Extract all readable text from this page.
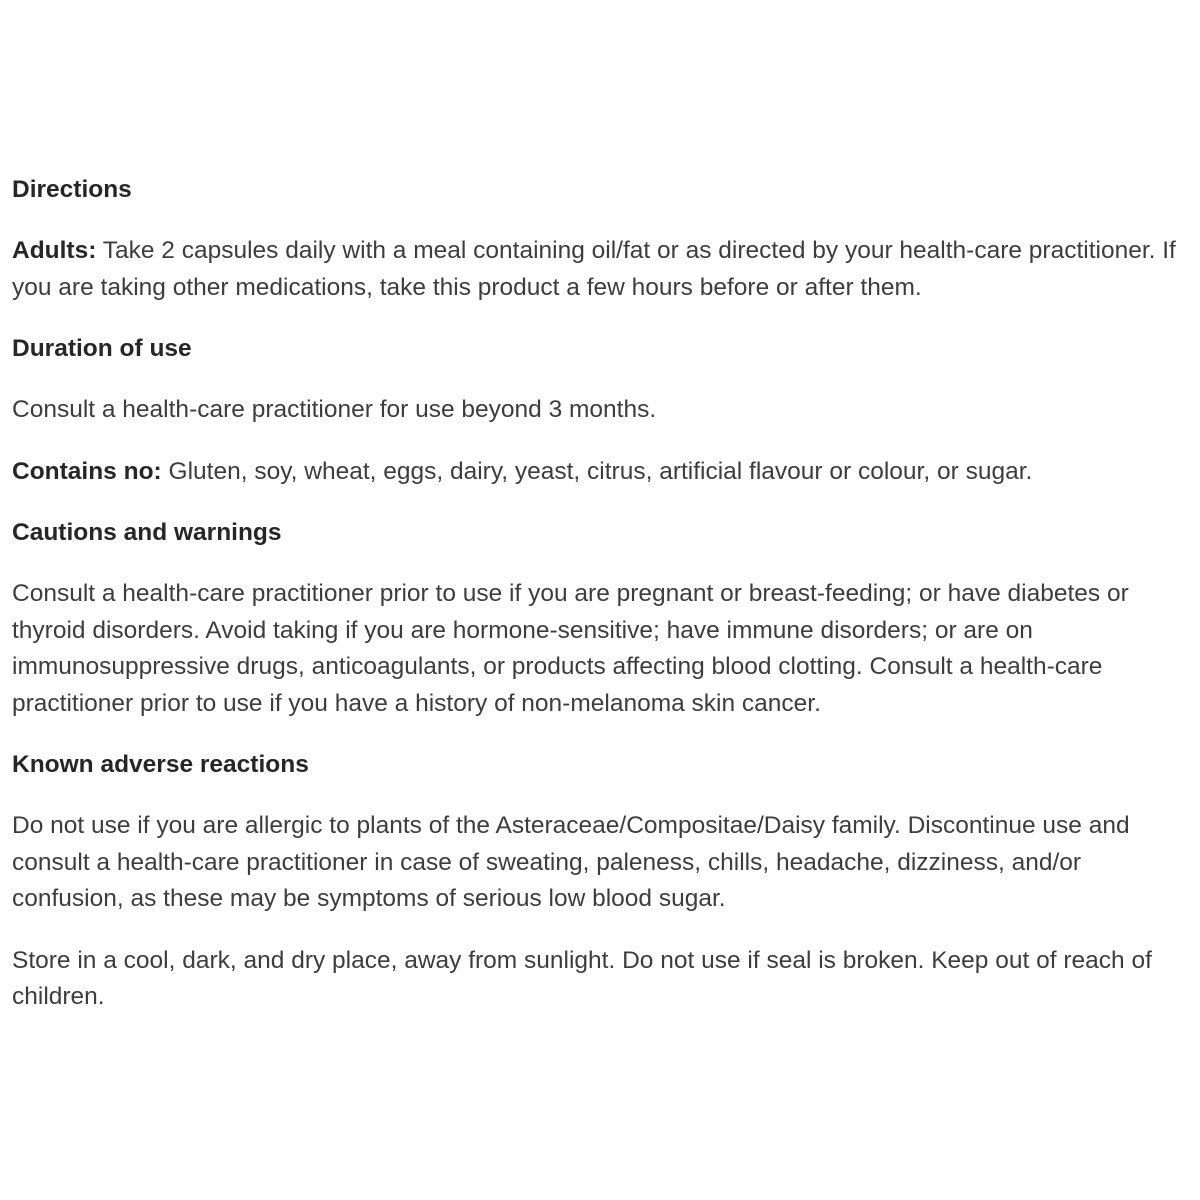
Directions

Adults: Take 2 capsules daily with a meal containing oil/fat or as directed by your health-care practitioner. If you are taking other medications, take this product a few hours before or after them.

Duration of use

Consult a health-care practitioner for use beyond 3 months.

Contains no: Gluten, soy, wheat, eggs, dairy, yeast, citrus, artificial flavour or colour, or sugar.

Cautions and warnings

Consult a health-care practitioner prior to use if you are pregnant or breast-feeding; or have diabetes or thyroid disorders. Avoid taking if you are hormone-sensitive; have immune disorders; or are on immunosuppressive drugs, anticoagulants, or products affecting blood clotting. Consult a health-care practitioner prior to use if you have a history of non-melanoma skin cancer.

Known adverse reactions

Do not use if you are allergic to plants of the Asteraceae/Compositae/Daisy family. Discontinue use and consult a health-care practitioner in case of sweating, paleness, chills, headache, dizziness, and/or confusion, as these may be symptoms of serious low blood sugar.

Store in a cool, dark, and dry place, away from sunlight. Do not use if seal is broken. Keep out of reach of children.
